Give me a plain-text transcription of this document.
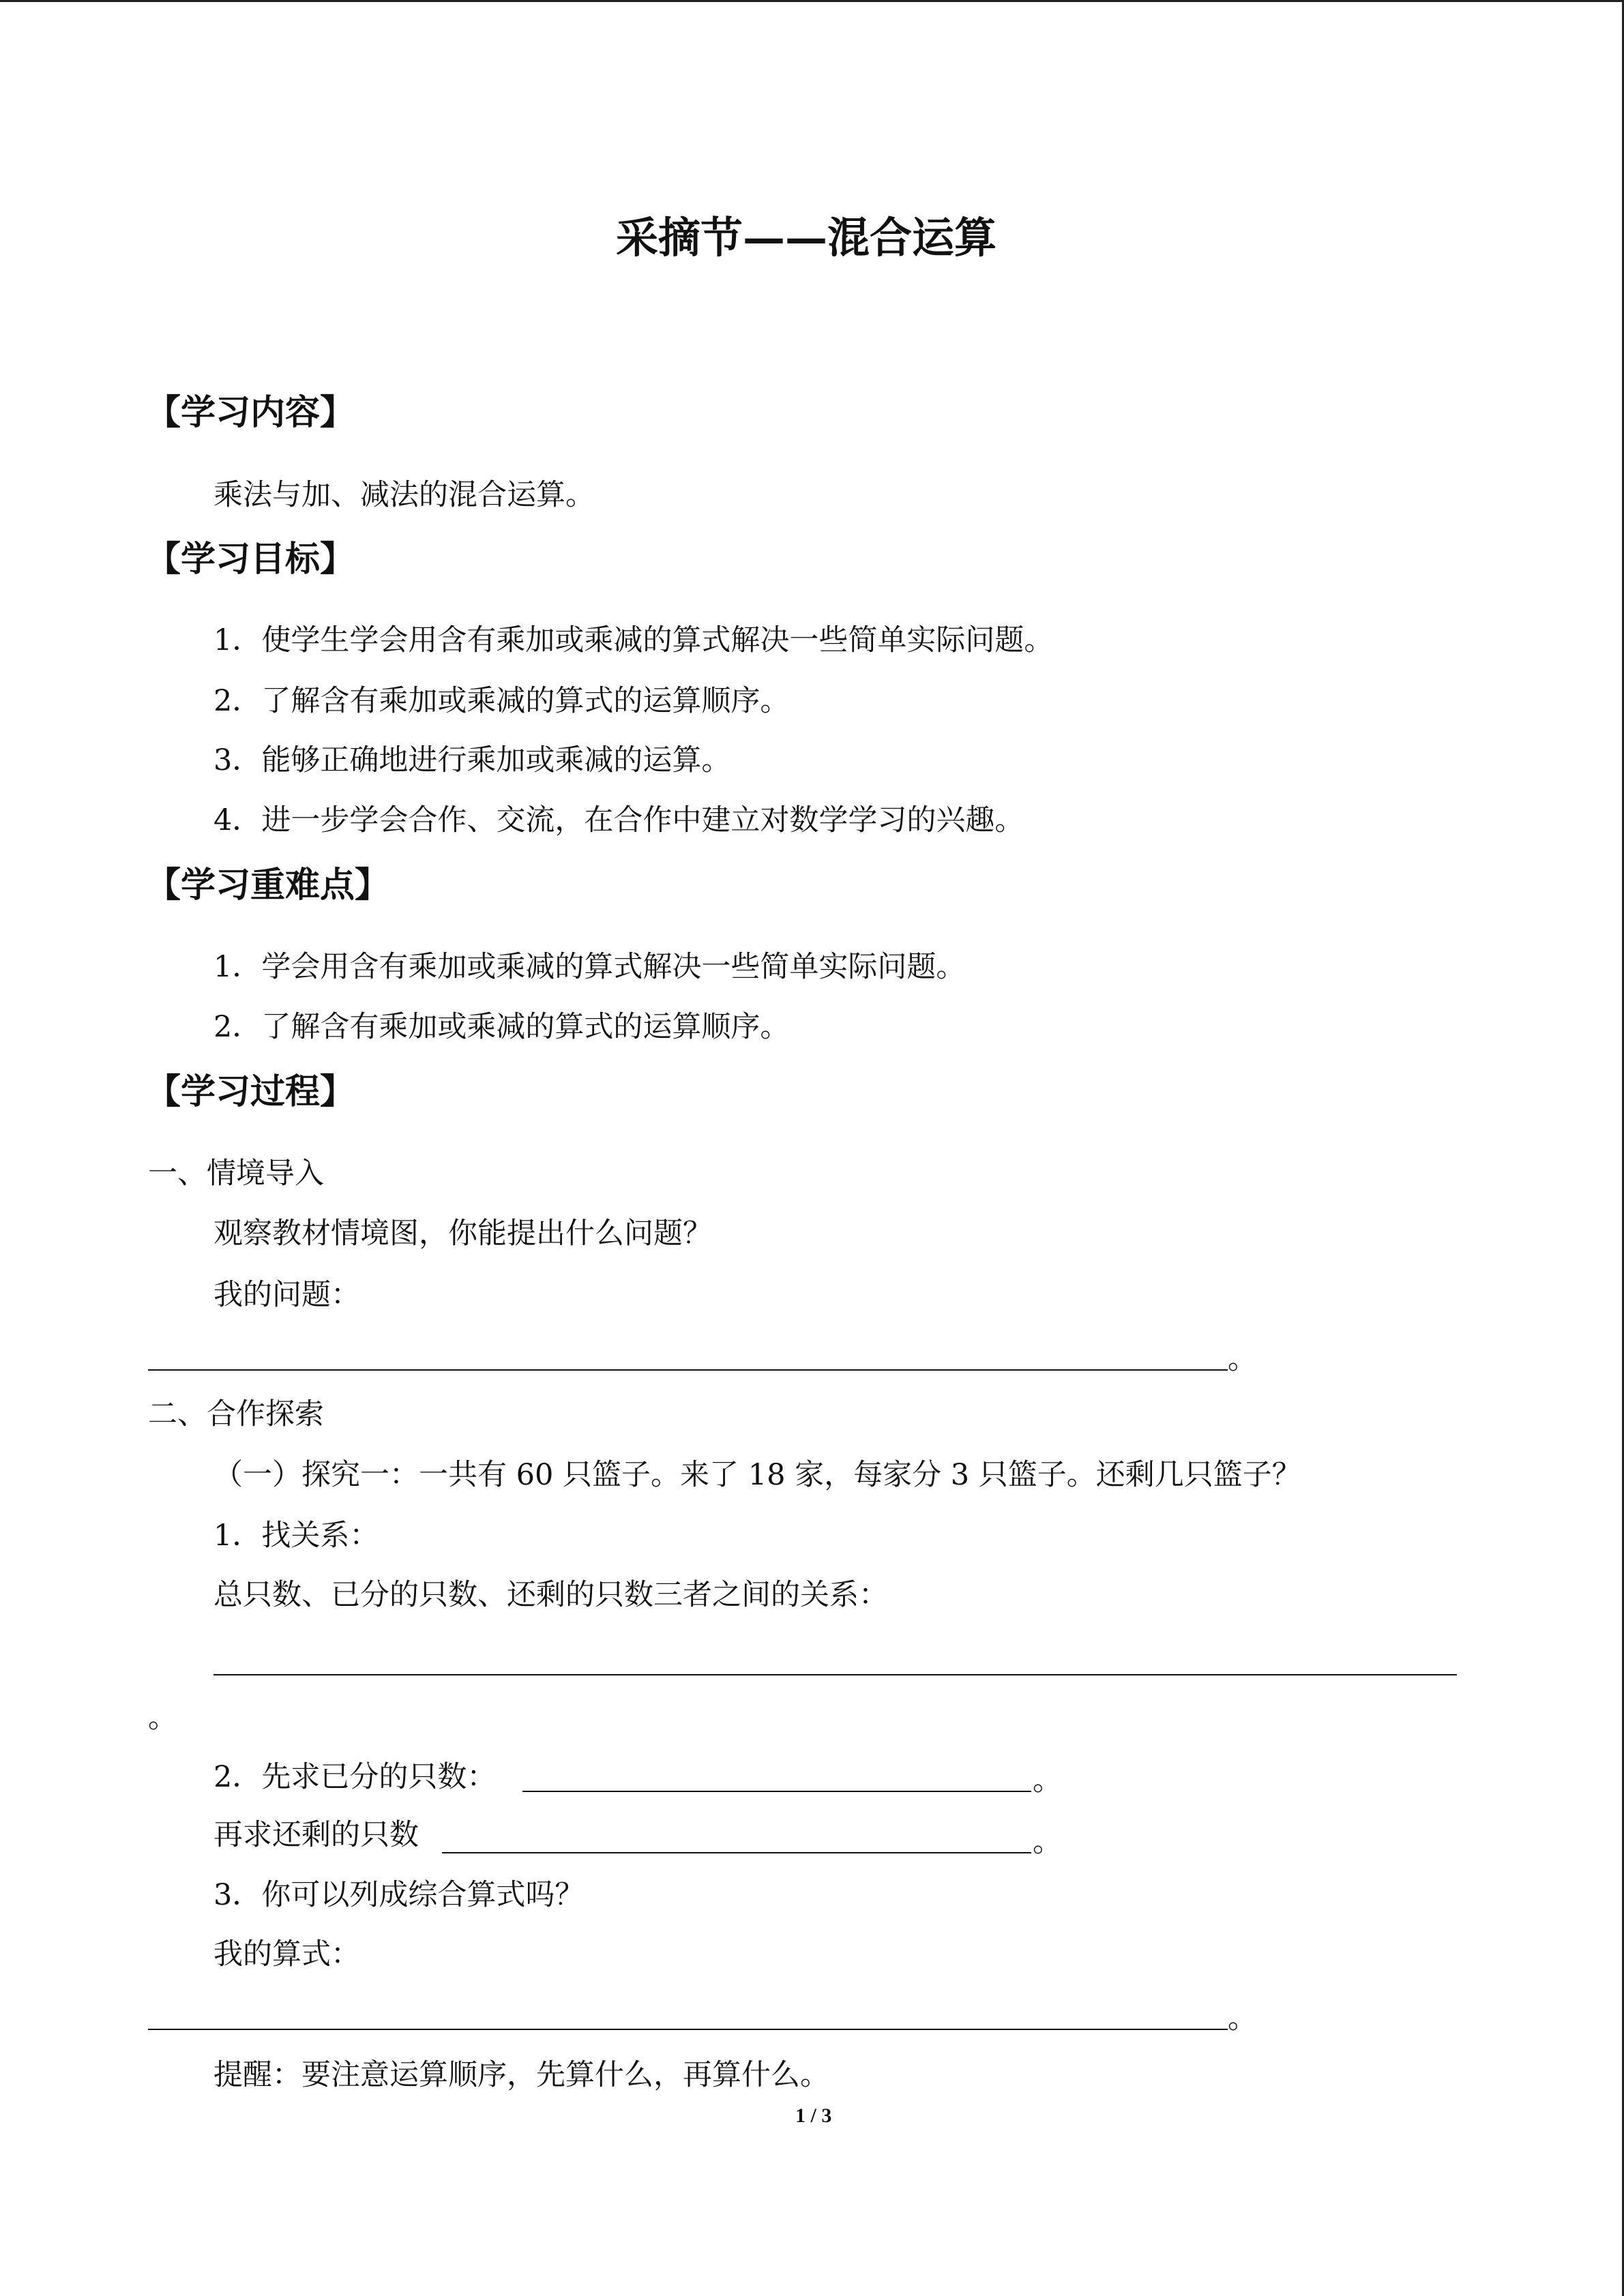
采摘节——混合运算
【学习内容】
乘法与加、减法的混合运算。
【学习目标】
1．使学生学会用含有乘加或乘减的算式解决一些简单实际问题。
2．了解含有乘加或乘减的算式的运算顺序。
3．能够正确地进行乘加或乘减的运算。
4．进一步学会合作、交流，在合作中建立对数学学习的兴趣。
【学习重难点】
1．学会用含有乘加或乘减的算式解决一些简单实际问题。
2．了解含有乘加或乘减的算式的运算顺序。
【学习过程】
一、情境导入
观察教材情境图，你能提出什么问题？
我的问题：
。
二、合作探索
（一）探究一：一共有 60 只篮子。来了 18 家，每家分 3 只篮子。还剩几只篮子？
1．找关系：
总只数、已分的只数、还剩的只数三者之间的关系：
。
2．先求已分的只数：	。
再求还剩的只数	。
3．你可以列成综合算式吗？
我的算式：
。
提醒：要注意运算顺序，先算什么，再算什么。
1 / 3
